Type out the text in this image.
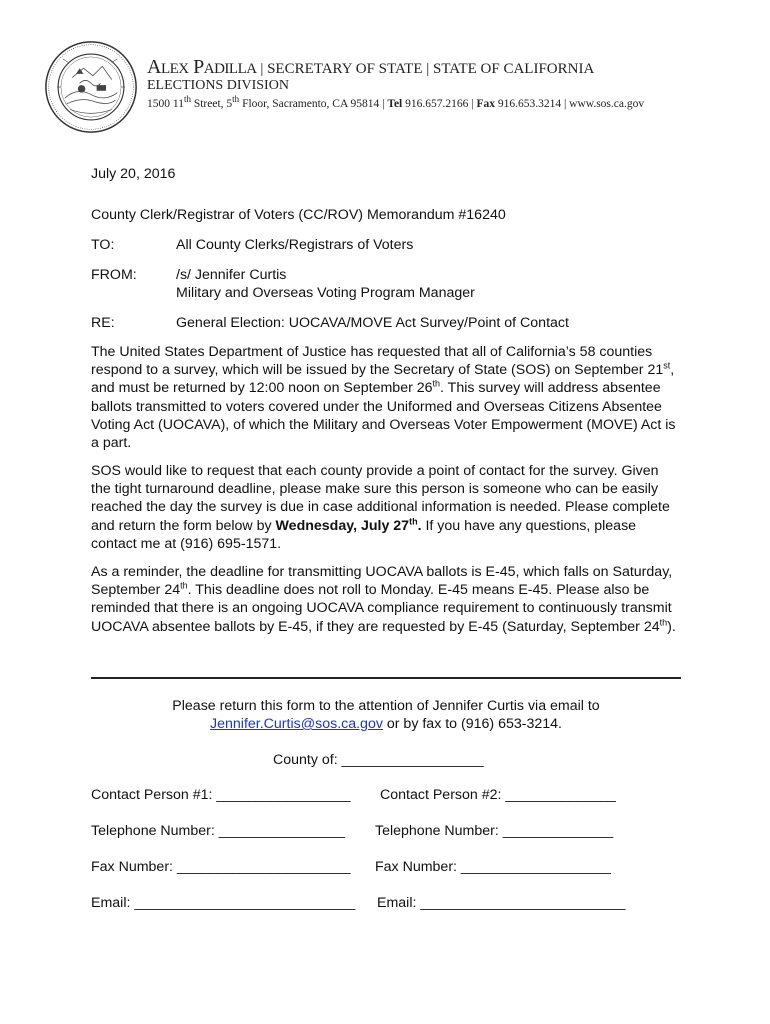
ALEX PADILLA | SECRETARY OF STATE | STATE OF CALIFORNIA
ELECTIONS DIVISION
1500 11th Street, 5th Floor, Sacramento, CA 95814 | Tel 916.657.2166 | Fax 916.653.3214 | www.sos.ca.gov
July 20, 2016
County Clerk/Registrar of Voters (CC/ROV) Memorandum #16240
TO:	All County Clerks/Registrars of Voters
FROM:	/s/ Jennifer Curtis
Military and Overseas Voting Program Manager
RE:	General Election: UOCAVA/MOVE Act Survey/Point of Contact

The United States Department of Justice has requested that all of California’s 58 counties respond to a survey, which will be issued by the Secretary of State (SOS) on September 21st, and must be returned by 12:00 noon on September 26th. This survey will address absentee ballots transmitted to voters covered under the Uniformed and Overseas Citizens Absentee Voting Act (UOCAVA), of which the Military and Overseas Voter Empowerment (MOVE) Act is a part.

SOS would like to request that each county provide a point of contact for the survey. Given the tight turnaround deadline, please make sure this person is someone who can be easily reached the day the survey is due in case additional information is needed. Please complete and return the form below by Wednesday, July 27th. If you have any questions, please contact me at (916) 695-1571.

As a reminder, the deadline for transmitting UOCAVA ballots is E-45, which falls on Saturday, September 24th. This deadline does not roll to Monday. E-45 means E-45. Please also be reminded that there is an ongoing UOCAVA compliance requirement to continuously transmit UOCAVA absentee ballots by E-45, if they are requested by E-45 (Saturday, September 24th).

Please return this form to the attention of Jennifer Curtis via email to
Jennifer.Curtis@sos.ca.gov or by fax to (916) 653-3214.
County of: __________________
Contact Person #1: _________________ Contact Person #2: ______________
Telephone Number: ________________ Telephone Number: ______________
Fax Number: ______________________ Fax Number: ___________________
Email: ____________________________ Email: __________________________
